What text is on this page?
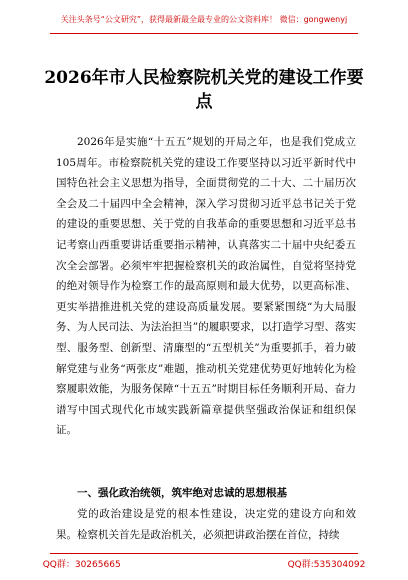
关注头条号“公文研究”，获得最新最全最专业的公文资料库！ 微信：gongwenyj
2026年市人民检察院机关党的建设工作要点

2026年是实施“十五五”规划的开局之年，也是我们党成立105周年。市检察院机关党的建设工作要坚持以习近平新时代中国特色社会主义思想为指导，全面贯彻党的二十大、二十届历次全会及二十届四中全会精神，深入学习贯彻习近平总书记关于党的建设的重要思想、关于党的自我革命的重要思想和习近平总书记考察山西重要讲话重要指示精神，认真落实二十届中央纪委五次全会部署。必须牢牢把握检察机关的政治属性，自觉将坚持党的绝对领导作为检察工作的最高原则和最大优势，以更高标准、更实举措推进机关党的建设高质量发展。要紧紧围绕“为大局服务、为人民司法、为法治担当”的履职要求，以打造学习型、落实型、服务型、创新型、清廉型的“五型机关”为重要抓手，着力破解党建与业务“两张皮”难题，推动机关党建优势更好地转化为检察履职效能，为服务保障“十五五”时期目标任务顺利开局、奋力谱写中国式现代化市域实践新篇章提供坚强政治保证和组织保证。

一、强化政治统领，筑牢绝对忠诚的思想根基

党的政治建设是党的根本性建设，决定党的建设方向和效果。检察机关首先是政治机关，必须把讲政治摆在首位，持续

QQ群：30265665	QQ群:535304092
